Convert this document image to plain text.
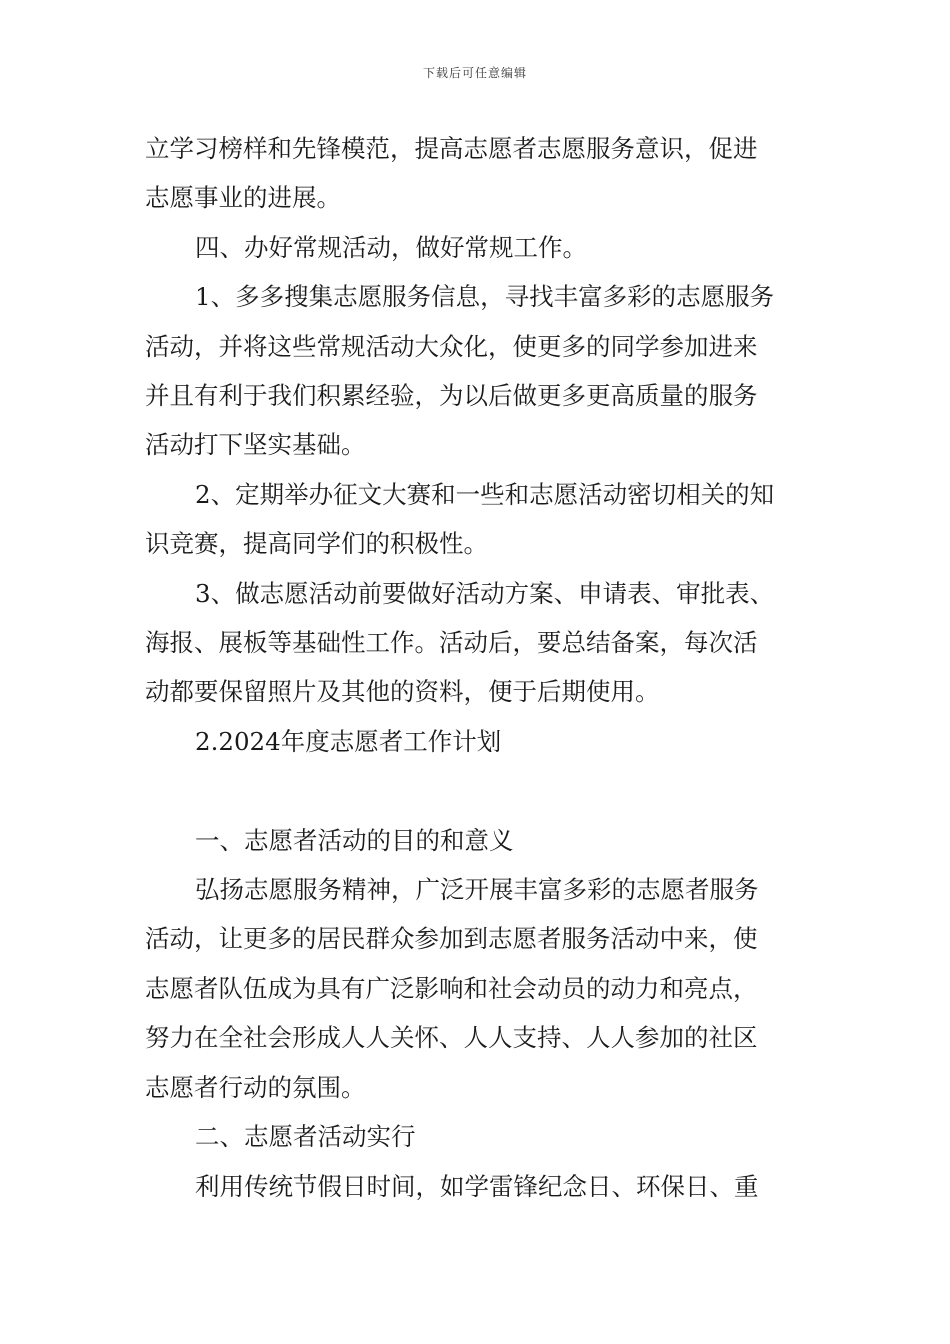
下载后可任意编辑

立学习榜样和先锋模范，提高志愿者志愿服务意识，促进

志愿事业的进展。

四、办好常规活动，做好常规工作。

1、多多搜集志愿服务信息，寻找丰富多彩的志愿服务

活动，并将这些常规活动大众化，使更多的同学参加进来

并且有利于我们积累经验，为以后做更多更高质量的服务

活动打下坚实基础。

2、定期举办征文大赛和一些和志愿活动密切相关的知

识竞赛，提高同学们的积极性。

3、做志愿活动前要做好活动方案、申请表、审批表、

海报、展板等基础性工作。活动后，要总结备案，每次活

动都要保留照片及其他的资料，便于后期使用。

2.2024年度志愿者工作计划

一、志愿者活动的目的和意义

弘扬志愿服务精神，广泛开展丰富多彩的志愿者服务

活动，让更多的居民群众参加到志愿者服务活动中来，使

志愿者队伍成为具有广泛影响和社会动员的动力和亮点，

努力在全社会形成人人关怀、人人支持、人人参加的社区

志愿者行动的氛围。

二、志愿者活动实行

利用传统节假日时间，如学雷锋纪念日、环保日、重
